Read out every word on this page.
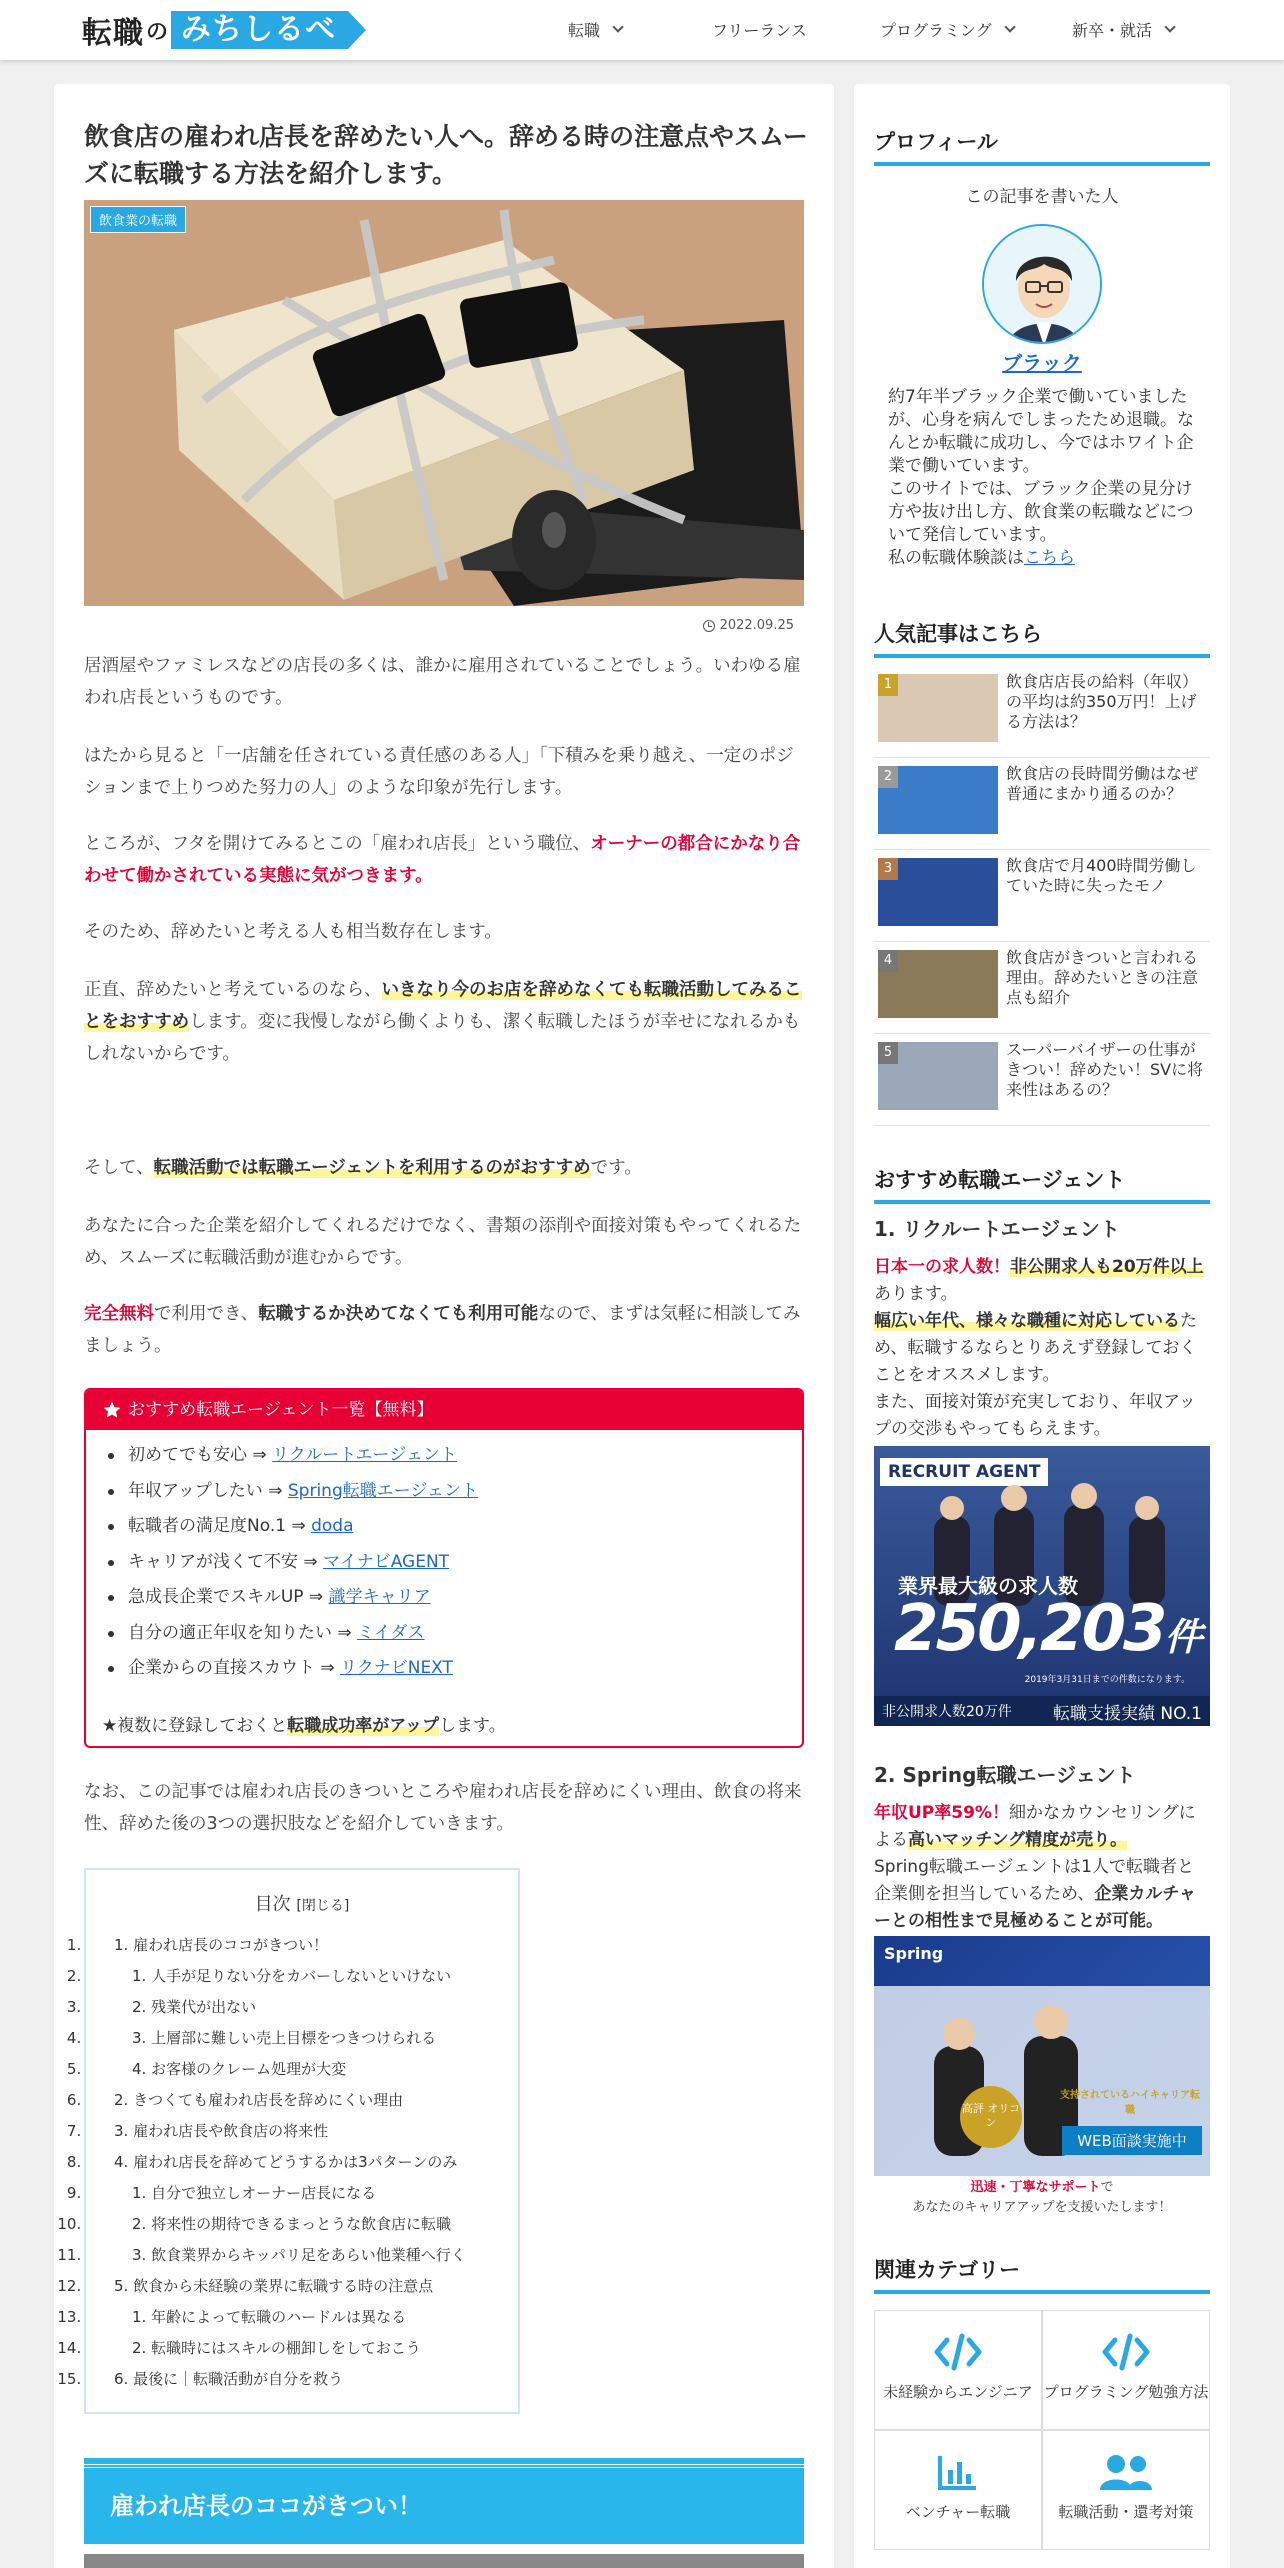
転職 の みちしるべ	転職	フリーランス	プログラミング	新卒・就活
飲食店の雇われ店長を辞めたい人へ。辞める時の注意点やスムーズに転職する方法を紹介します。
飲食業の転職
2022.09.25

居酒屋やファミレスなどの店長の多くは、誰かに雇用されていることでしょう。いわゆる雇われ店長というものです。

はたから見ると「一店舗を任されている責任感のある人」「下積みを乗り越え、一定のポジションまで上りつめた努力の人」のような印象が先行します。

ところが、フタを開けてみるとこの「雇われ店長」という職位、オーナーの都合にかなり合わせて働かされている実態に気がつきます。

そのため、辞めたいと考える人も相当数存在します。

正直、辞めたいと考えているのなら、いきなり今のお店を辞めなくても転職活動してみることをおすすめします。変に我慢しながら働くよりも、潔く転職したほうが幸せになれるかもしれないからです。

そして、転職活動では転職エージェントを利用するのがおすすめです。

あなたに合った企業を紹介してくれるだけでなく、書類の添削や面接対策もやってくれるため、スムーズに転職活動が進むからです。

完全無料で利用でき、転職するか決めてなくても利用可能なので、まずは気軽に相談してみましょう。

おすすめ転職エージェント一覧【無料】
初めてでも安心 ⇒ リクルートエージェント
年収アップしたい ⇒ Spring転職エージェント
転職者の満足度No.1 ⇒ doda
キャリアが浅くて不安 ⇒ マイナビAGENT
急成長企業でスキルUP ⇒ 識学キャリア
自分の適正年収を知りたい ⇒ ミイダス
企業からの直接スカウト ⇒ リクナビNEXT
★複数に登録しておくと転職成功率がアップします。

なお、この記事では雇われ店長のきついところや雇われ店長を辞めにくい理由、飲食の将来性、辞めた後の3つの選択肢などを紹介していきます。

目次 [閉じる]
1. 1. 雇われ店長のココがきつい！
2. 1. 人手が足りない分をカバーしないといけない
3. 2. 残業代が出ない
4. 3. 上層部に難しい売上目標をつきつけられる
5. 4. お客様のクレーム処理が大変
6. 2. きつくても雇われ店長を辞めにくい理由
7. 3. 雇われ店長や飲食店の将来性
8. 4. 雇われ店長を辞めてどうするかは3パターンのみ
9. 1. 自分で独立しオーナー店長になる
10. 2. 将来性の期待できるまっとうな飲食店に転職
11. 3. 飲食業界からキッパリ足をあらい他業種へ行く
12. 5. 飲食から未経験の業界に転職する時の注意点
13. 1. 年齢によって転職のハードルは異なる
14. 2. 転職時にはスキルの棚卸しをしておこう
15. 6. 最後に｜転職活動が自分を救う
雇われ店長のココがきつい！
プロフィール
この記事を書いた人
ブラック
約7年半ブラック企業で働いていましたが、心身を病んでしまったため退職。なんとか転職に成功し、今ではホワイト企業で働いています。
このサイトでは、ブラック企業の見分け方や抜け出し方、飲食業の転職などについて発信しています。
私の転職体験談はこちら
人気記事はこちら
1	飲食店店長の給料（年収）の平均は約350万円！上げる方法は？
2	飲食店の長時間労働はなぜ普通にまかり通るのか？
3	飲食店で月400時間労働していた時に失ったモノ
4	飲食店がきついと言われる理由。辞めたいときの注意点も紹介
5	スーパーバイザーの仕事がきつい！辞めたい！SVに将来性はあるの？
おすすめ転職エージェント
1. リクルートエージェント
日本一の求人数！非公開求人も20万件以上あります。
幅広い年代、様々な職種に対応しているため、転職するならとりあえず登録しておくことをオススメします。
また、面接対策が充実しており、年収アップの交渉もやってもらえます。
RECRUIT AGENT
業界最大級の求人数
250,203件
2019年3月31日までの件数になります。
非公開求人数20万件 転職支援実績 NO.1
2. Spring転職エージェント
年収UP率59%！細かなカウンセリングによる高いマッチング精度が売り。
Spring転職エージェントは1人で転職者と企業側を担当しているため、企業カルチャーとの相性まで見極めることが可能。
Spring
高評 オリコン
支持されているハイキャリア転職
WEB面談実施中
迅速・丁寧なサポートで
あなたのキャリアアップを支援いたします！
関連カテゴリー
未経験からエンジニア プログラミング勉強方法
ベンチャー転職	転職活動・還考対策
